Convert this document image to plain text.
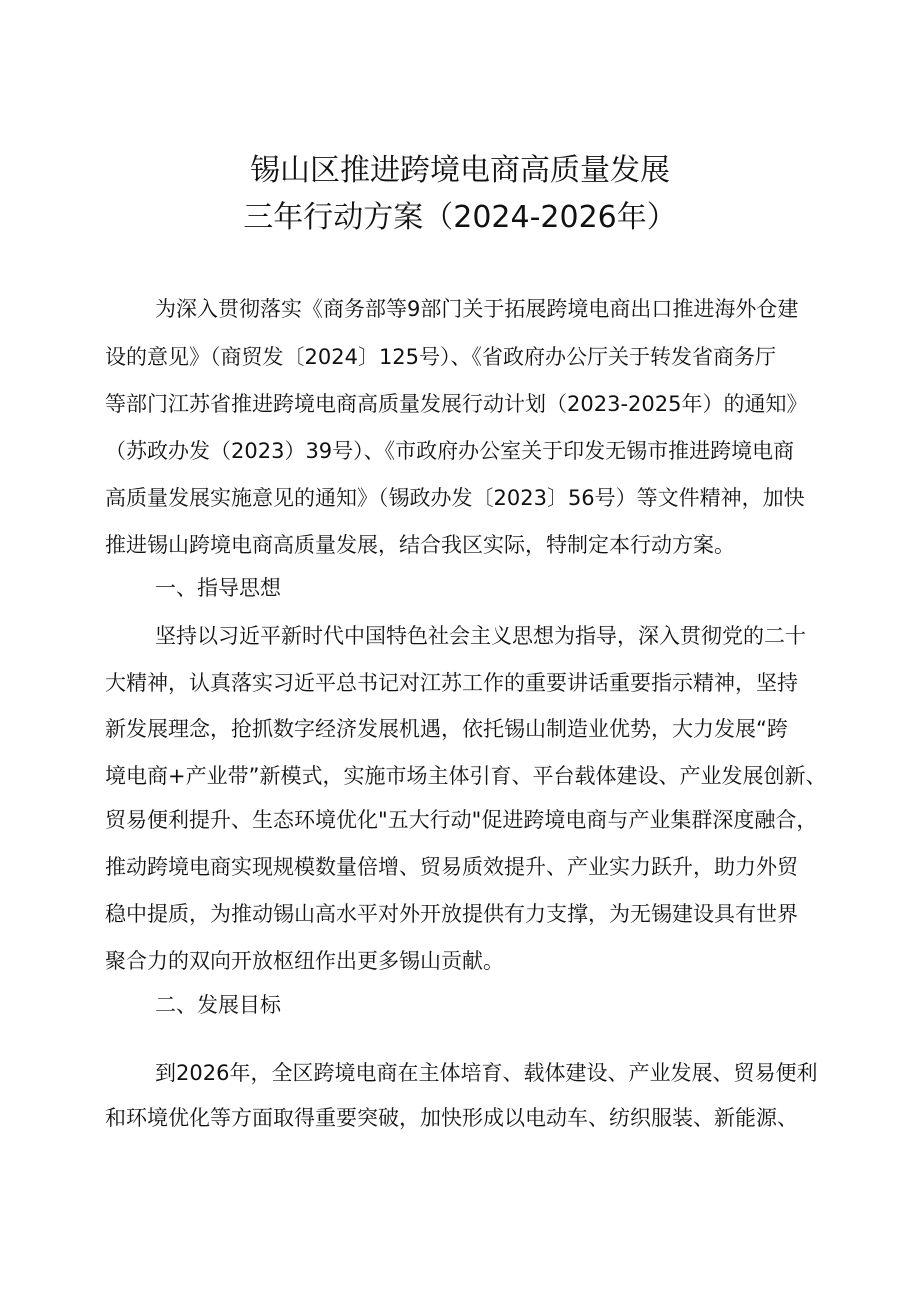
锡山区推进跨境电商高质量发展
三年行动方案（2024-2026年）
为深入贯彻落实《商务部等9部门关于拓展跨境电商出口推进海外仓建
设的意见》（商贸发〔2024〕125号）、《省政府办公厅关于转发省商务厅
等部门江苏省推进跨境电商高质量发展行动计划（2023-2025年）的通知》
（苏政办发（2023）39号）、《市政府办公室关于印发无锡市推进跨境电商
高质量发展实施意见的通知》（锡政办发〔2023〕56号）等文件精神，加快
推进锡山跨境电商高质量发展，结合我区实际，特制定本行动方案。
一、指导思想
坚持以习近平新时代中国特色社会主义思想为指导，深入贯彻党的二十
大精神，认真落实习近平总书记对江苏工作的重要讲话重要指示精神，坚持
新发展理念，抢抓数字经济发展机遇，依托锡山制造业优势，大力发展“跨
境电商+产业带”新模式，实施市场主体引育、平台载体建设、产业发展创新、
贸易便利提升、生态环境优化"五大行动"促进跨境电商与产业集群深度融合，
推动跨境电商实现规模数量倍增、贸易质效提升、产业实力跃升，助力外贸
稳中提质，为推动锡山高水平对外开放提供有力支撑，为无锡建设具有世界
聚合力的双向开放枢纽作出更多锡山贡献。
二、发展目标
到2026年，全区跨境电商在主体培育、载体建设、产业发展、贸易便利
和环境优化等方面取得重要突破，加快形成以电动车、纺织服装、新能源、
